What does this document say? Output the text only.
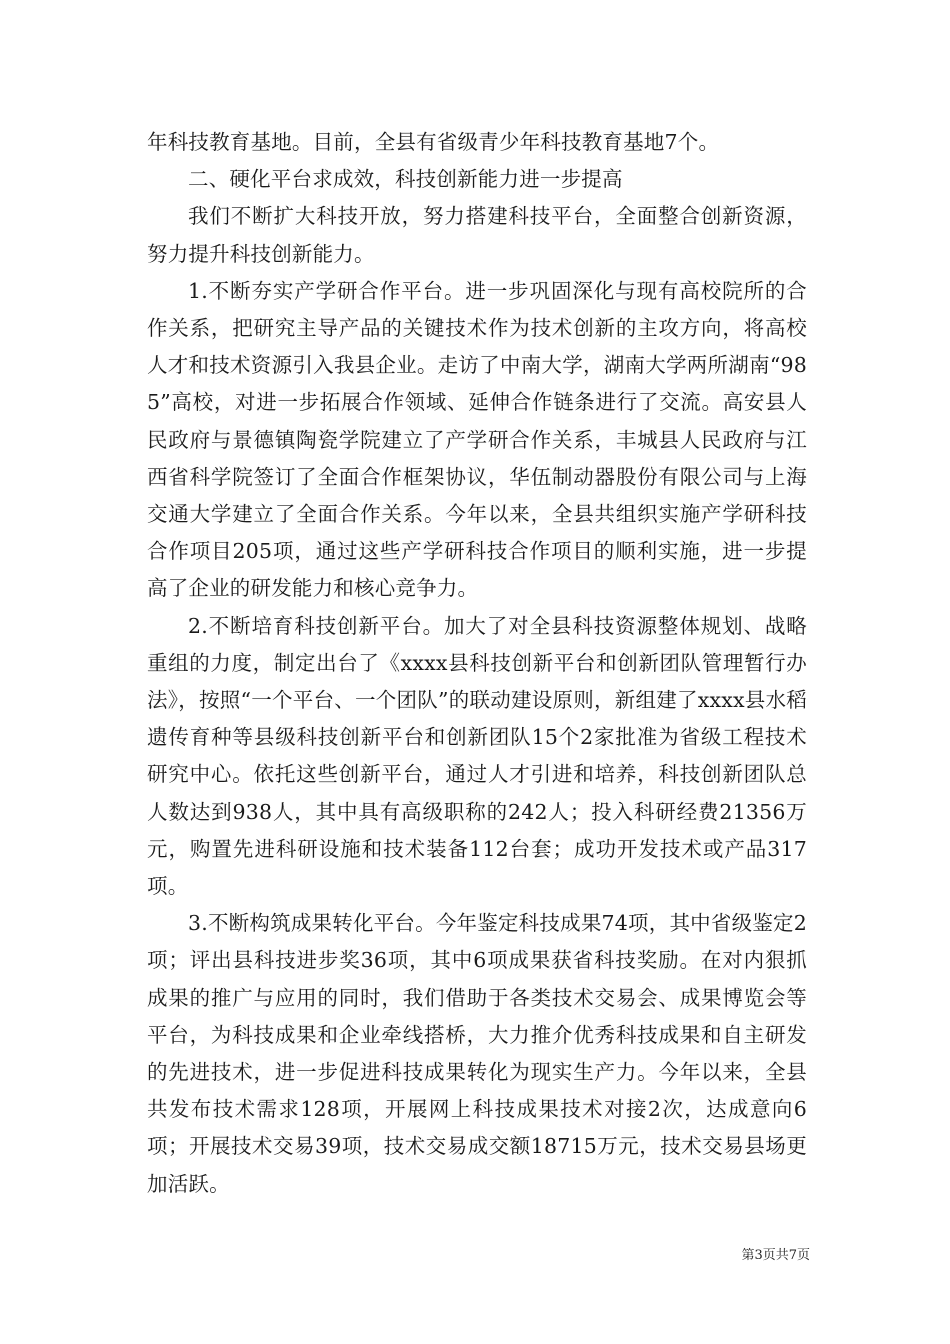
年科技教育基地。目前，全县有省级青少年科技教育基地7个。

二、硬化平台求成效，科技创新能力进一步提高

我们不断扩大科技开放，努力搭建科技平台，全面整合创新资源，努力提升科技创新能力。

1.不断夯实产学研合作平台。进一步巩固深化与现有高校院所的合作关系，把研究主导产品的关键技术作为技术创新的主攻方向，将高校人才和技术资源引入我县企业。走访了中南大学，湖南大学两所湖南“985”高校，对进一步拓展合作领域、延伸合作链条进行了交流。高安县人民政府与景德镇陶瓷学院建立了产学研合作关系，丰城县人民政府与江西省科学院签订了全面合作框架协议，华伍制动器股份有限公司与上海交通大学建立了全面合作关系。今年以来，全县共组织实施产学研科技合作项目205项，通过这些产学研科技合作项目的顺利实施，进一步提高了企业的研发能力和核心竞争力。

2.不断培育科技创新平台。加大了对全县科技资源整体规划、战略重组的力度，制定出台了《xxxx县科技创新平台和创新团队管理暂行办法》，按照“一个平台、一个团队”的联动建设原则，新组建了xxxx县水稻遗传育种等县级科技创新平台和创新团队15个2家批准为省级工程技术研究中心。依托这些创新平台，通过人才引进和培养，科技创新团队总人数达到938人，其中具有高级职称的242人；投入科研经费21356万元，购置先进科研设施和技术装备112台套；成功开发技术或产品317项。

3.不断构筑成果转化平台。今年鉴定科技成果74项，其中省级鉴定2项；评出县科技进步奖36项，其中6项成果获省科技奖励。在对内狠抓成果的推广与应用的同时，我们借助于各类技术交易会、成果博览会等平台，为科技成果和企业牵线搭桥，大力推介优秀科技成果和自主研发的先进技术，进一步促进科技成果转化为现实生产力。今年以来，全县共发布技术需求128项，开展网上科技成果技术对接2次，达成意向6项；开展技术交易39项，技术交易成交额18715万元，技术交易县场更加活跃。

第3页共7页
